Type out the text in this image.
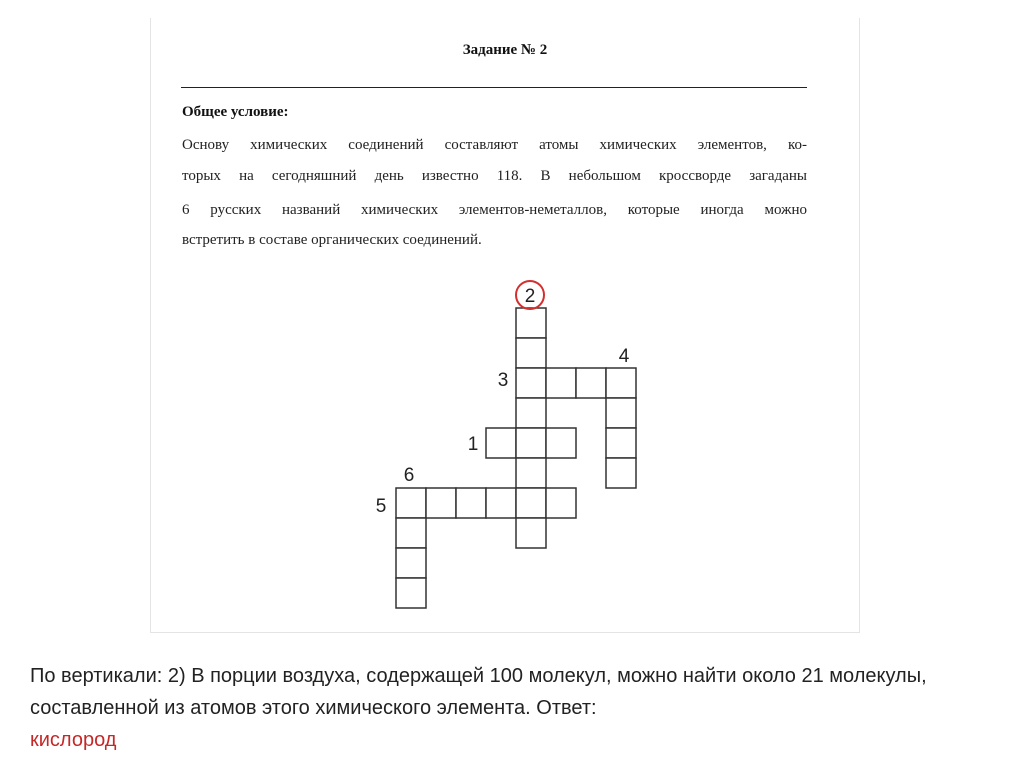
Задание № 2
Общее условие:
Основу химических соединений составляют атомы химических элементов, ко-
торых на сегодняшний день известно 118. В небольшом кроссворде загаданы
6 русских названий химических элементов-неметаллов, которые иногда можно
встретить в составе органических соединений.
2
4
3
1
6
5
По вертикали: 2) В порции воздуха, содержащей 100 молекул, можно найти около 21 молекулы, составленной из атомов этого химического элемента. Ответ:
кислород
